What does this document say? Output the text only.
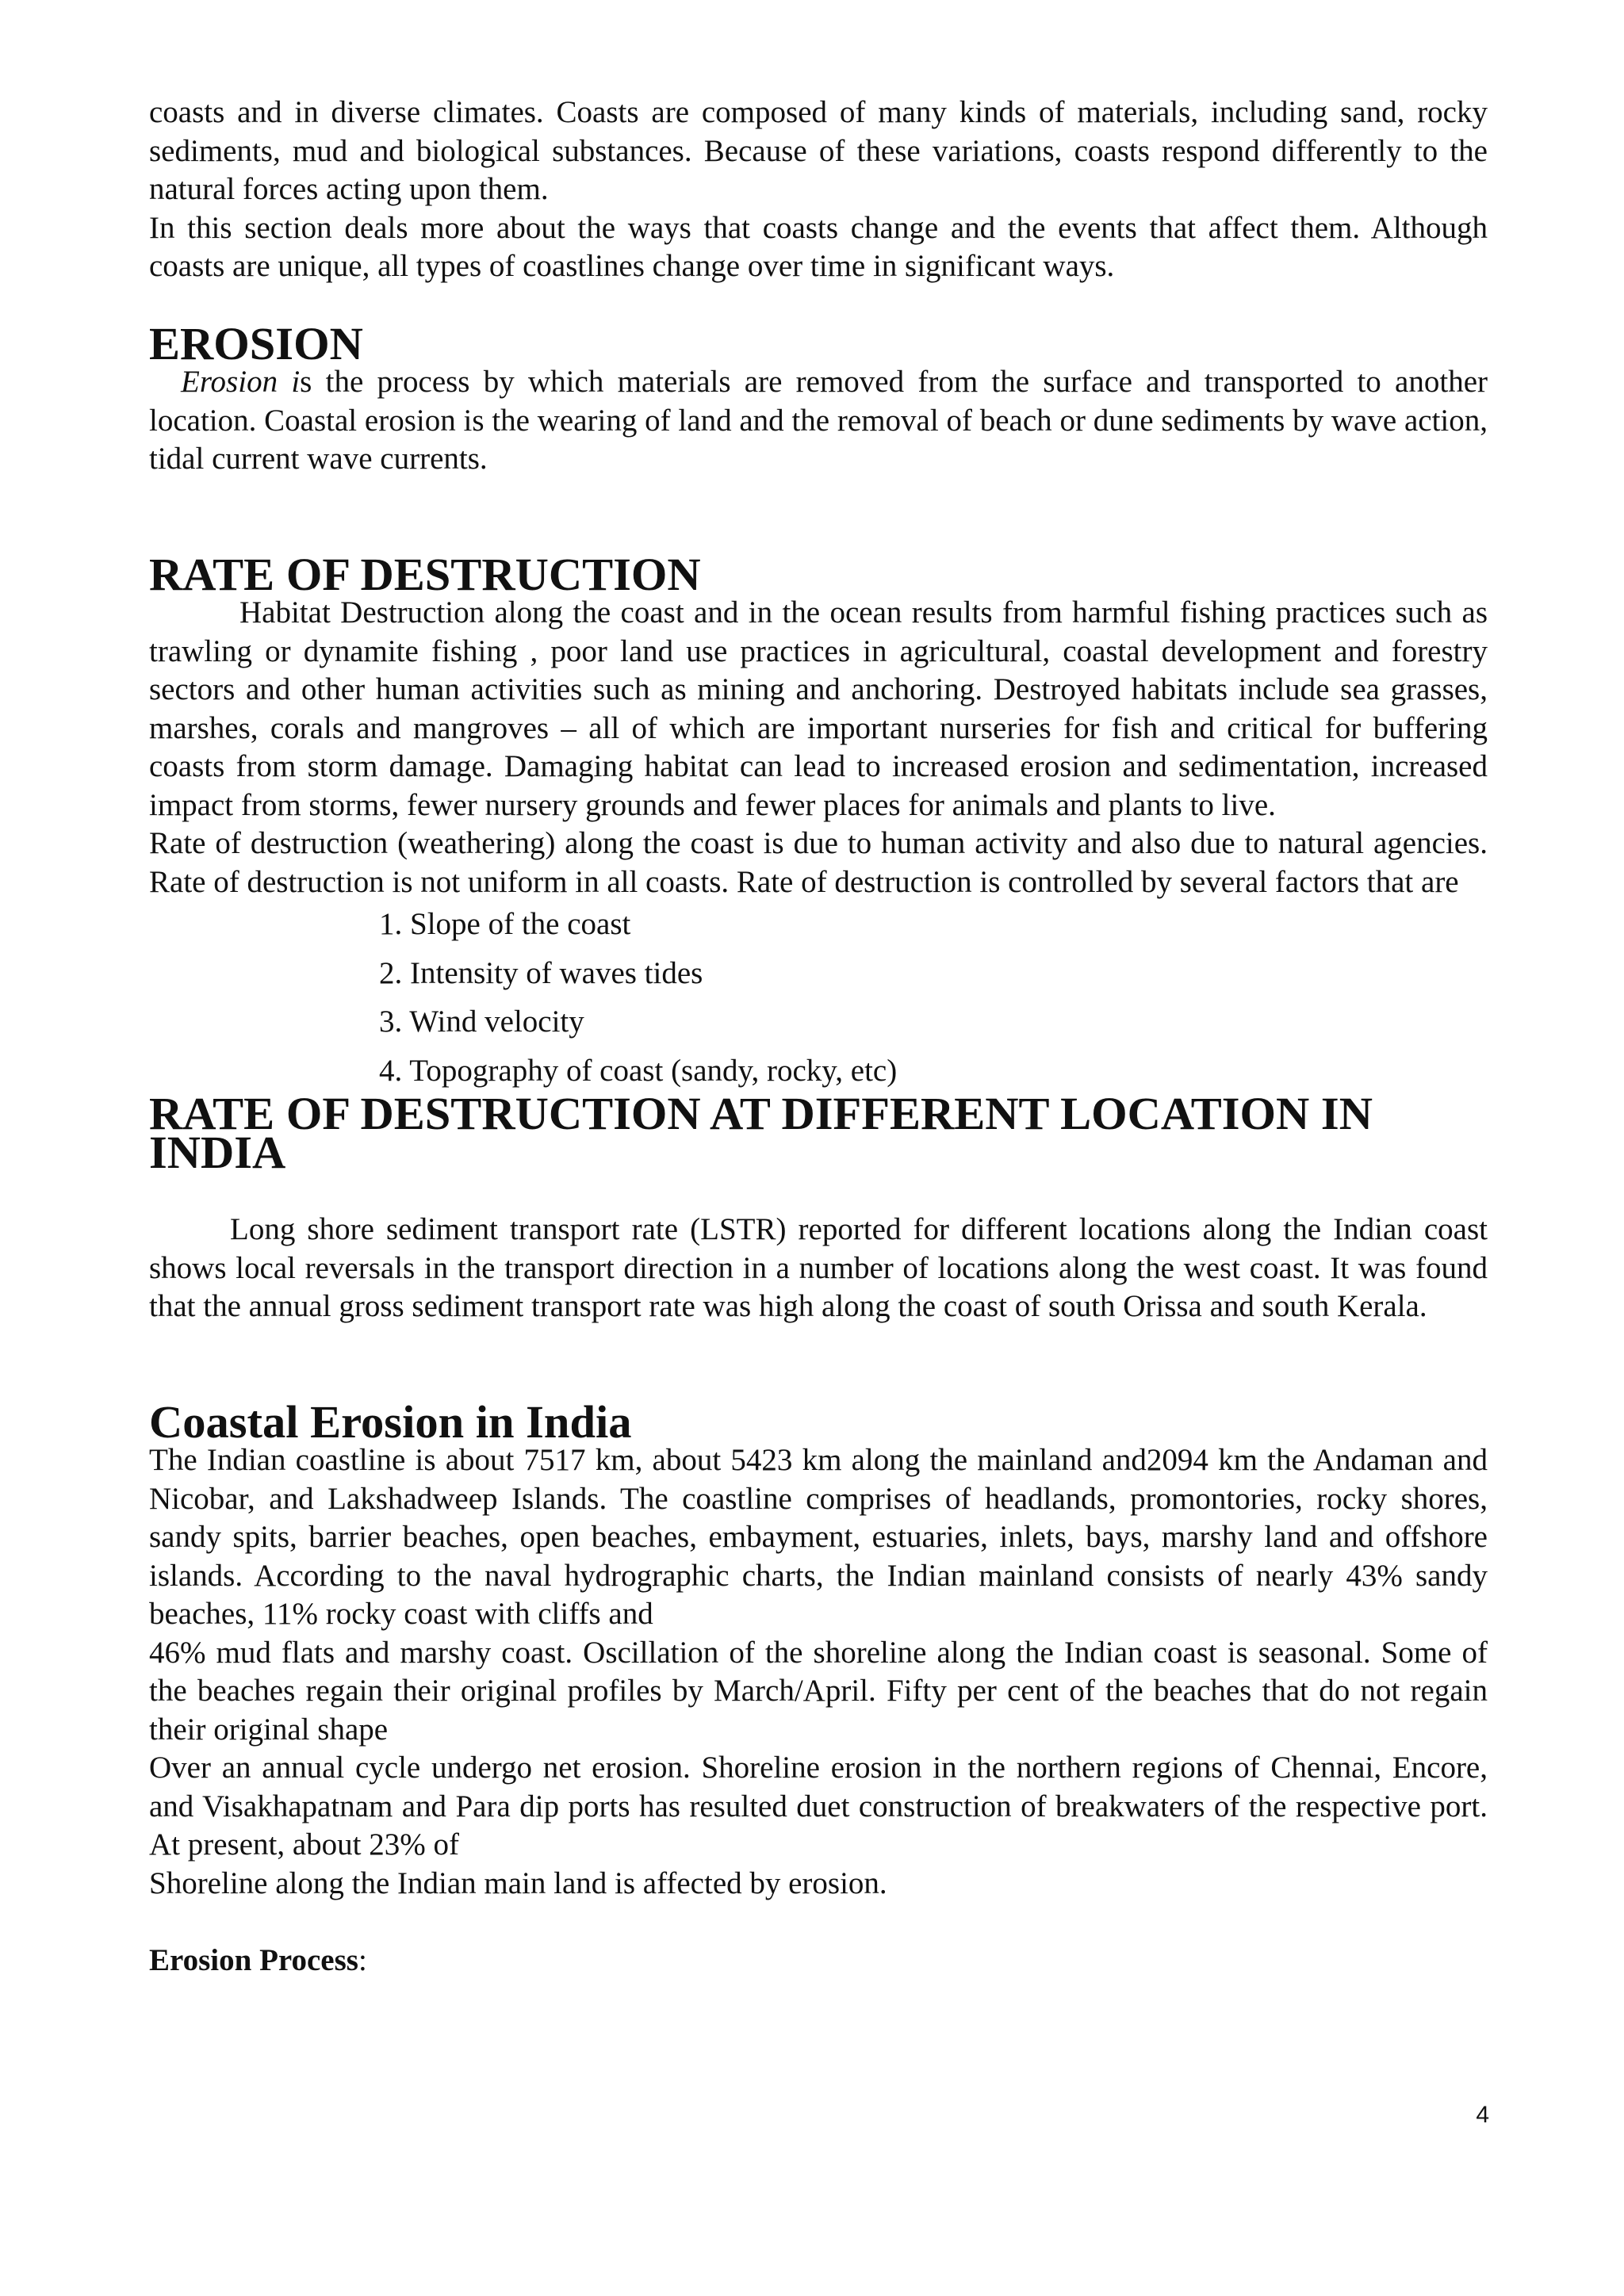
coasts and in diverse climates. Coasts are composed of many kinds of materials, including sand, rocky sediments, mud and biological substances. Because of these variations, coasts respond differently to the natural forces acting upon them.

In this section deals more about the ways that coasts change and the events that affect them. Although coasts are unique, all types of coastlines change over time in significant ways.

EROSION

Erosion is the process by which materials are removed from the surface and transported to another location. Coastal erosion is the wearing of land and the removal of beach or dune sediments by wave action, tidal current wave currents.

RATE OF DESTRUCTION

Habitat Destruction along the coast and in the ocean results from harmful fishing practices such as trawling or dynamite fishing , poor land use practices in agricultural, coastal development and forestry sectors and other human activities such as mining and anchoring. Destroyed habitats include sea grasses, marshes, corals and mangroves – all of which are important nurseries for fish and critical for buffering coasts from storm damage. Damaging habitat can lead to increased erosion and sedimentation, increased impact from storms, fewer nursery grounds and fewer places for animals and plants to live.

Rate of destruction (weathering) along the coast is due to human activity and also due to natural agencies. Rate of destruction is not uniform in all coasts. Rate of destruction is controlled by several factors that are

1. Slope of the coast
2. Intensity of waves tides
3. Wind velocity
4. Topography of coast (sandy, rocky, etc)
RATE OF DESTRUCTION AT DIFFERENT LOCATION IN INDIA

Long shore sediment transport rate (LSTR) reported for different locations along the Indian coast shows local reversals in the transport direction in a number of locations along the west coast. It was found that the annual gross sediment transport rate was high along the coast of south Orissa and south Kerala.

Coastal Erosion in India

The Indian coastline is about 7517 km, about 5423 km along the mainland and2094 km the Andaman and Nicobar, and Lakshadweep Islands. The coastline comprises of headlands, promontories, rocky shores, sandy spits, barrier beaches, open beaches, embayment, estuaries, inlets, bays, marshy land and offshore islands. According to the naval hydrographic charts, the Indian mainland consists of nearly 43% sandy beaches, 11% rocky coast with cliffs and

46% mud flats and marshy coast. Oscillation of the shoreline along the Indian coast is seasonal. Some of the beaches regain their original profiles by March/April. Fifty per cent of the beaches that do not regain their original shape

Over an annual cycle undergo net erosion. Shoreline erosion in the northern regions of Chennai, Encore, and Visakhapatnam and Para dip ports has resulted duet construction of breakwaters of the respective port. At present, about 23% of

Shoreline along the Indian main land is affected by erosion.

Erosion Process:

4
